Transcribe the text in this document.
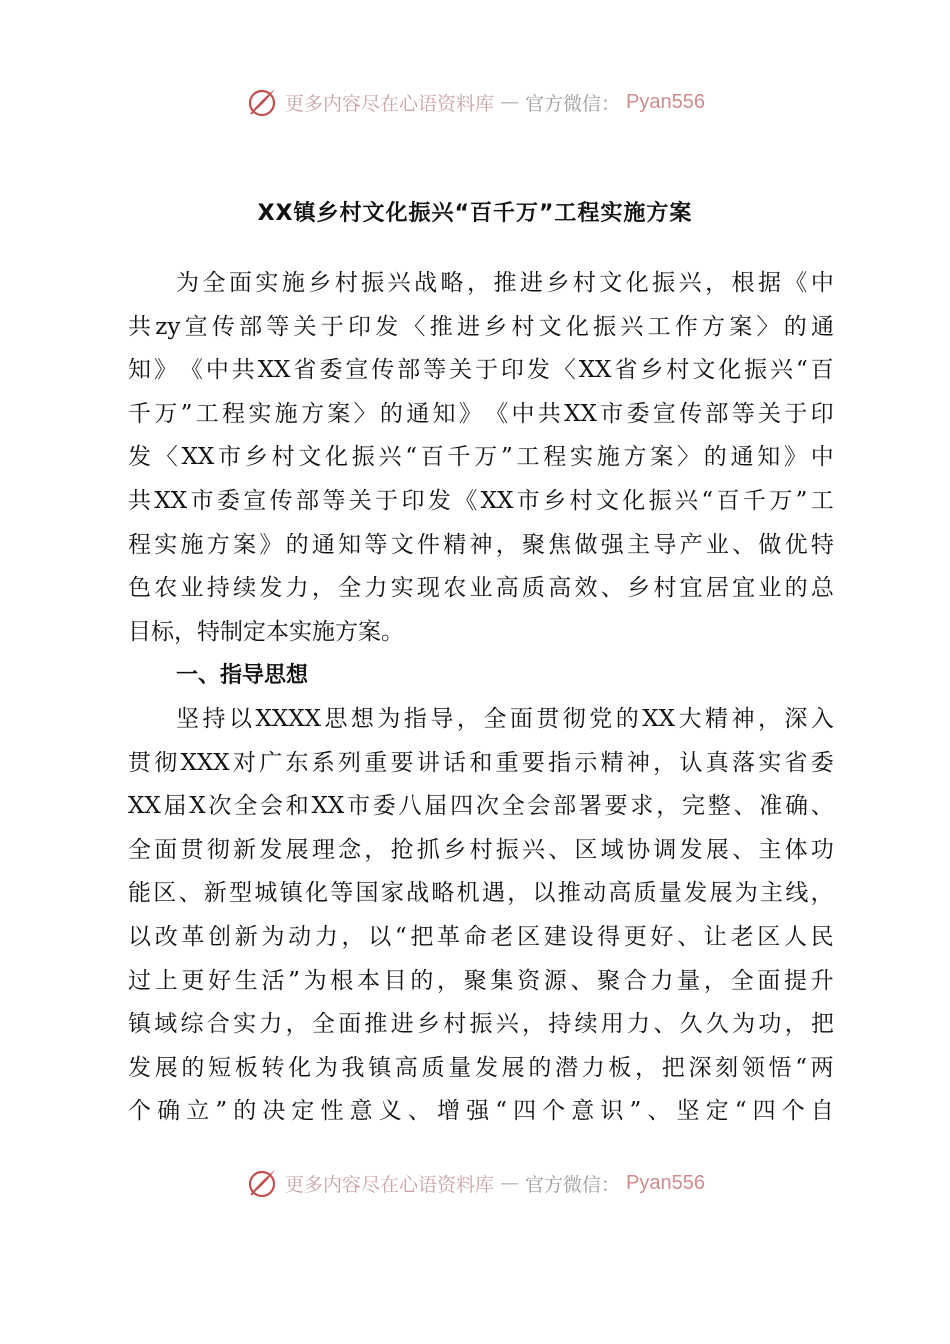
更多内容尽在心语资料库 — 官方微信： Pyan556
XX镇乡村文化振兴“百千万”工程实施方案
为 全 面 实 施 乡 村 振 兴 战 略 ， 推 进 乡 村 文 化 振 兴 ， 根 据 《 中
共 zy 宣 传 部 等 关 于 印 发 〈 推 进 乡 村 文 化 振 兴 工 作 方 案 〉 的 通
知 》 《 中 共 XX 省 委 宣 传 部 等 关 于 印 发 〈 XX 省 乡 村 文 化 振 兴 “ 百
千 万 ” 工 程 实 施 方 案 〉 的 通 知 》 《 中 共 XX 市 委 宣 传 部 等 关 于 印
发 〈 XX 市 乡 村 文 化 振 兴 “ 百 千 万 ” 工 程 实 施 方 案 〉 的 通 知 》 中
共 XX 市 委 宣 传 部 等 关 于 印 发 《 XX 市 乡 村 文 化 振 兴 “ 百 千 万 ” 工
程 实 施 方 案 》 的 通 知 等 文 件 精 神 ， 聚 焦 做 强 主 导 产 业 、 做 优 特
色 农 业 持 续 发 力 ， 全 力 实 现 农 业 高 质 高 效 、 乡 村 宜 居 宜 业 的 总
目标，特制定本实施方案。
一、指导思想
坚 持 以 XXXX 思 想 为 指 导 ， 全 面 贯 彻 党 的 XX 大 精 神 ， 深 入
贯 彻 XXX 对 广 东 系 列 重 要 讲 话 和 重 要 指 示 精 神 ， 认 真 落 实 省 委
XX 届 X 次 全 会 和 XX 市 委 八 届 四 次 全 会 部 署 要 求 ， 完 整 、 准 确 、
全 面 贯 彻 新 发 展 理 念 ， 抢 抓 乡 村 振 兴 、 区 域 协 调 发 展 、 主 体 功
能 区 、 新 型 城 镇 化 等 国 家 战 略 机 遇 ， 以 推 动 高 质 量 发 展 为 主 线 ，
以 改 革 创 新 为 动 力 ， 以 “ 把 革 命 老 区 建 设 得 更 好 、 让 老 区 人 民
过 上 更 好 生 活 ” 为 根 本 目 的 ， 聚 集 资 源 、 聚 合 力 量 ， 全 面 提 升
镇 域 综 合 实 力 ， 全 面 推 进 乡 村 振 兴 ， 持 续 用 力 、 久 久 为 功 ， 把
发 展 的 短 板 转 化 为 我 镇 高 质 量 发 展 的 潜 力 板 ， 把 深 刻 领 悟 “ 两
个 确 立 ” 的 决 定 性 意 义 、 增 强 “ 四 个 意 识 ” 、 坚 定 “ 四 个 自
更多内容尽在心语资料库 — 官方微信： Pyan556
